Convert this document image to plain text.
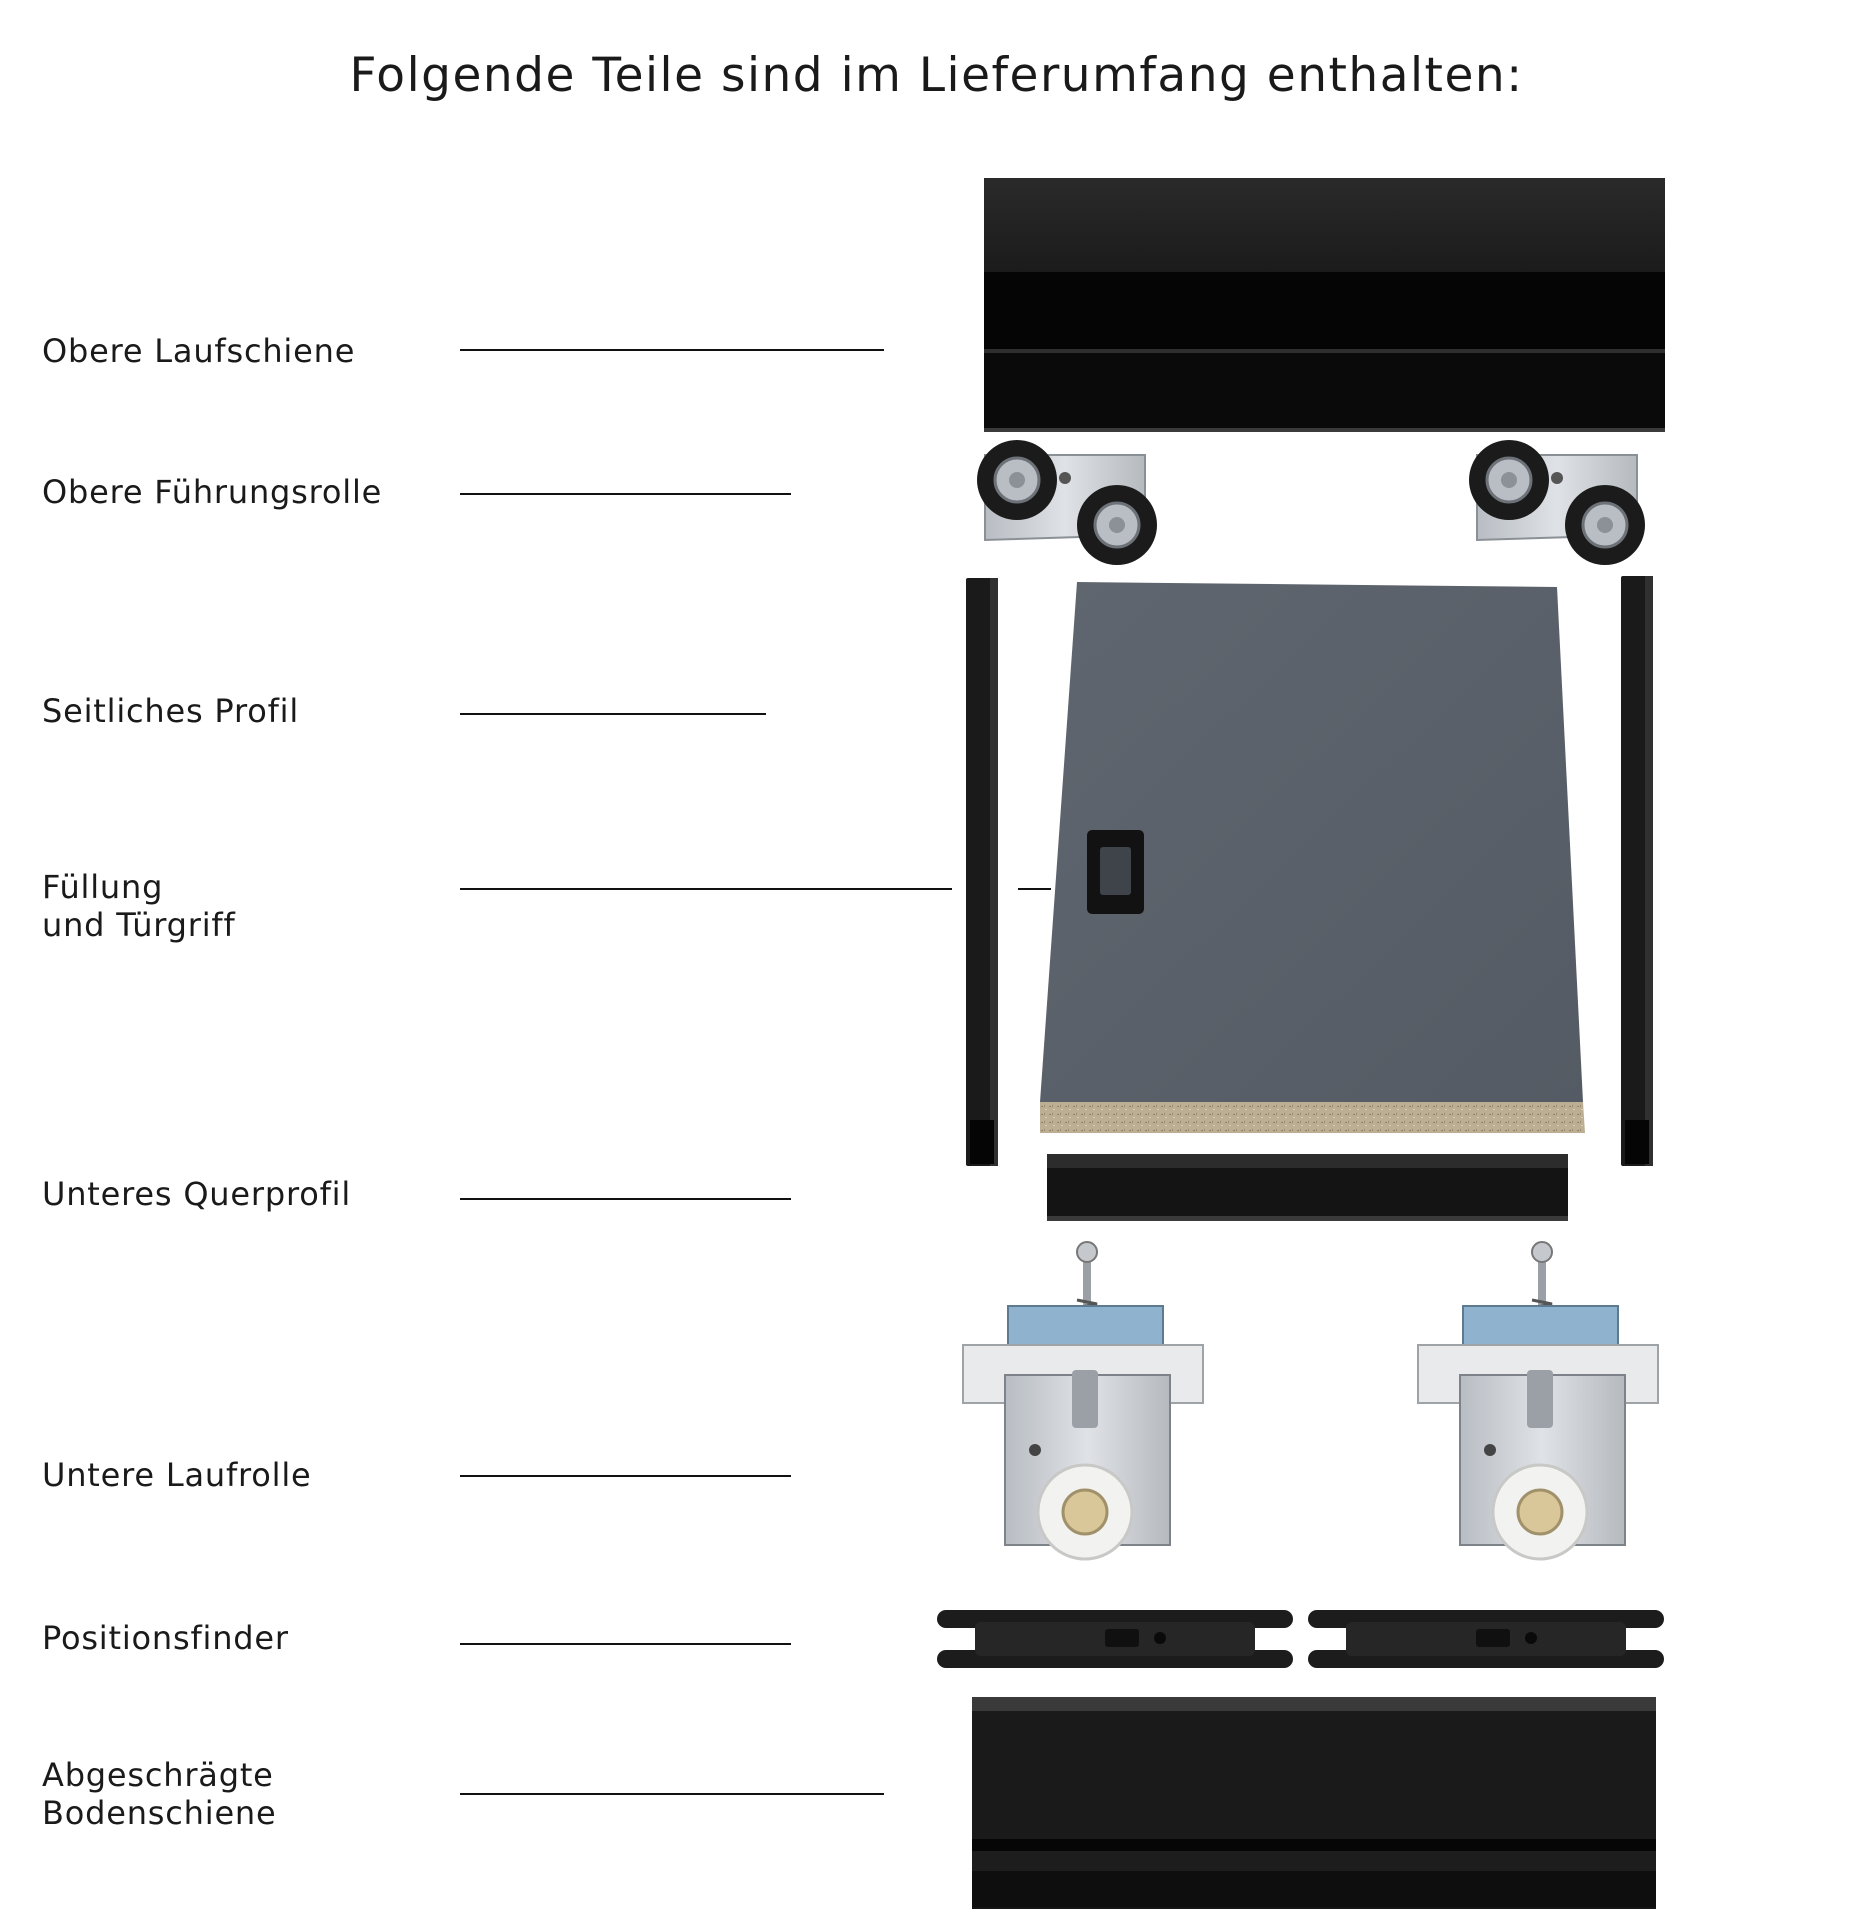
Folgende Teile sind im Lieferumfang enthalten:
Obere Laufschiene
Obere Führungsrolle
Seitliches Profil
Füllung
und Türgriff
Unteres Querprofil
Untere Laufrolle
Positionsfinder
Abgeschrägte
Bodenschiene
